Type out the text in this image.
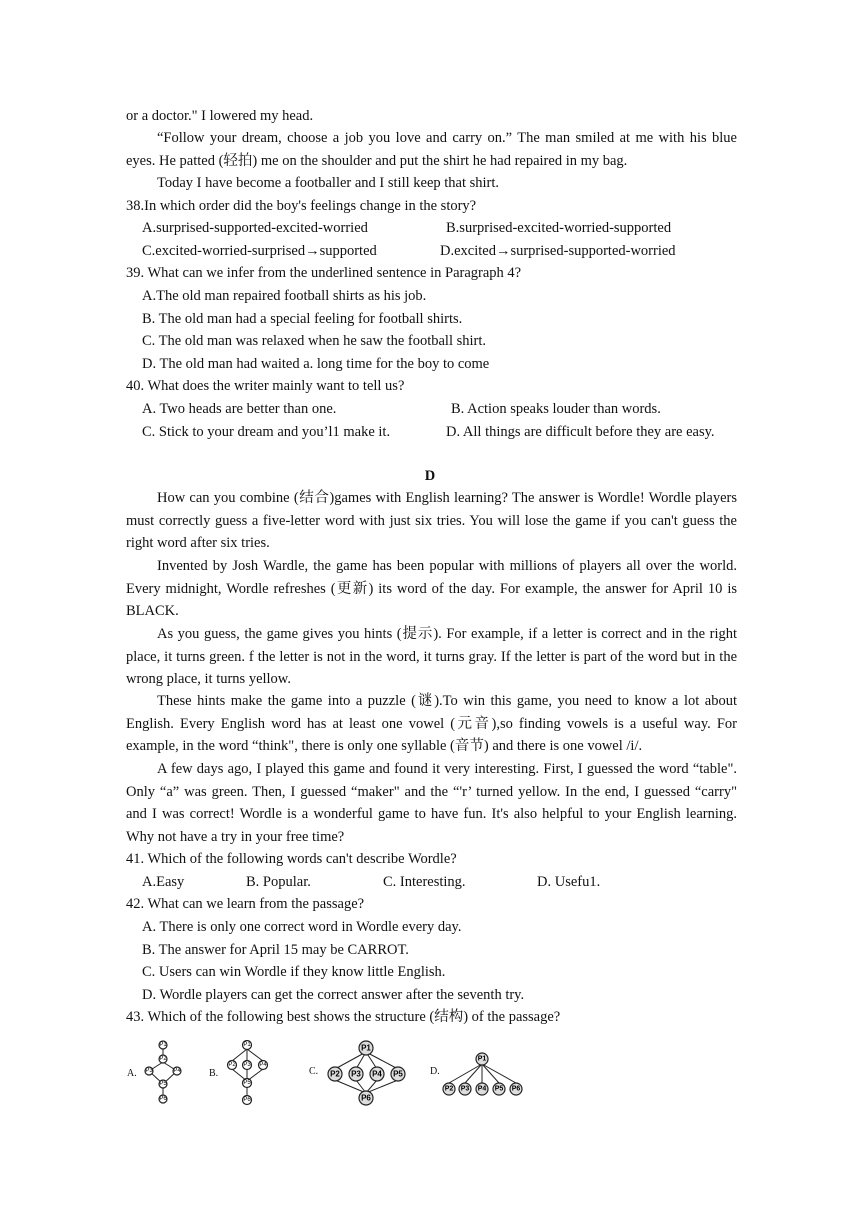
or a doctor." I lowered my head.

“Follow your dream, choose a job you love and carry on.” The man smiled at me with his blue eyes. He patted (轻拍) me on the shoulder and put the shirt he had repaired in my bag.

Today I have become a footballer and I still keep that shirt.
38.In which order did the boy's feelings change in the story?
A.surprised-supported-excited-worried	B.surprised-excited-worried-supported
C.excited-worried-surprised→supported	D.excited→surprised-supported-worried
39. What can we infer from the underlined sentence in Paragraph 4?
A.The old man repaired football shirts as his job.
B. The old man had a special feeling for football shirts.
C. The old man was relaxed when he saw the football shirt.
D. The old man had waited a. long time for the boy to come
40. What does the writer mainly want to tell us?
A. Two heads are better than one.	B. Action speaks louder than words.
C. Stick to your dream and you’l1 make it.	D. All things are difficult before they are easy.
D

How can you combine (结合)games with English learning? The answer is Wordle! Wordle players must correctly guess a five-letter word with just six tries. You will lose the game if you can't guess the right word after six tries.

Invented by Josh Wardle, the game has been popular with millions of players all over the world. Every midnight, Wordle refreshes (更新) its word of the day. For example, the answer for April 10 is BLACK.

As you guess, the game gives you hints (提示). For example, if a letter is correct and in the right place, it turns green. f the letter is not in the word, it turns gray. If the letter is part of the word but in the wrong place, it turns yellow.

These hints make the game into a puzzle (谜).To win this game, you need to know a lot about English. Every English word has at least one vowel (元音),so finding vowels is a useful way. For example, in the word “think", there is only one syllable (音节) and there is one vowel /i/.

A few days ago, I played this game and found it very interesting. First, I guessed the word “table". Only “a” was green. Then, I guessed “maker" and the “'r’ turned yellow. In the end, I guessed “carry" and I was correct! Wordle is a wonderful game to have fun. It's also helpful to your English learning. Why not have a try in your free time?

41. Which of the following words can't describe Wordle?
A.Easy	B. Popular.	C. Interesting.	D. Usefu1.
42. What can we learn from the passage?
A. There is only one correct word in Wordle every day.
B. The answer for April 15 may be CARROT.
C. Users can win Wordle if they know little English.
D. Wordle players can get the correct answer after the seventh try.
43. Which of the following best shows the structure (结构) of the passage?
A.
P1
P2
P3	P4
P5
P6
B.
P1
P2 P3 P4
P5
P6
C.
P1
P2 P3 P4 P5
P6
D.
P1
P2 P3 P4 P5 P6
